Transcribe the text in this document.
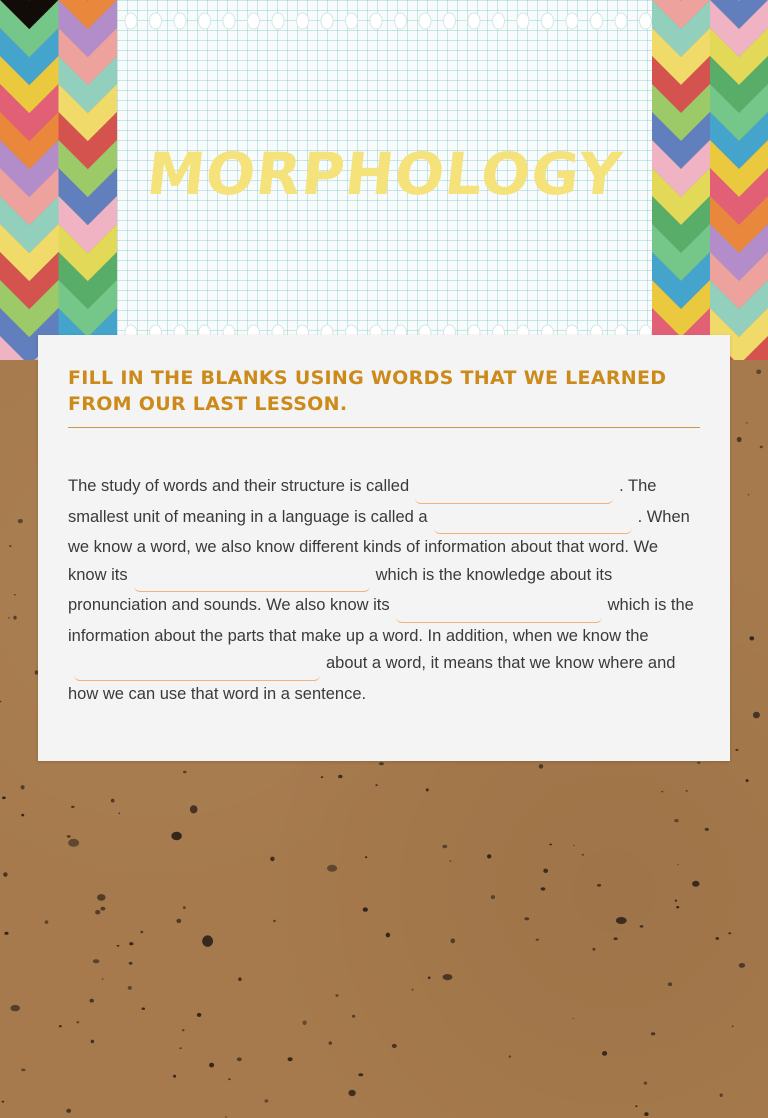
MORPHOLOGY
FILL IN THE BLANKS USING WORDS THAT WE LEARNED FROM OUR LAST LESSON.

The study of words and their structure is called	. The smallest unit of meaning in a language is called a	. When we know a word, we also know different kinds of information about that word. We know its	which is the knowledge about its pronunciation and sounds. We also know its	which is the information about the parts that make up a word. In addition, when we know theabout a word, it means that we know where and how we can use that word in a sentence.
